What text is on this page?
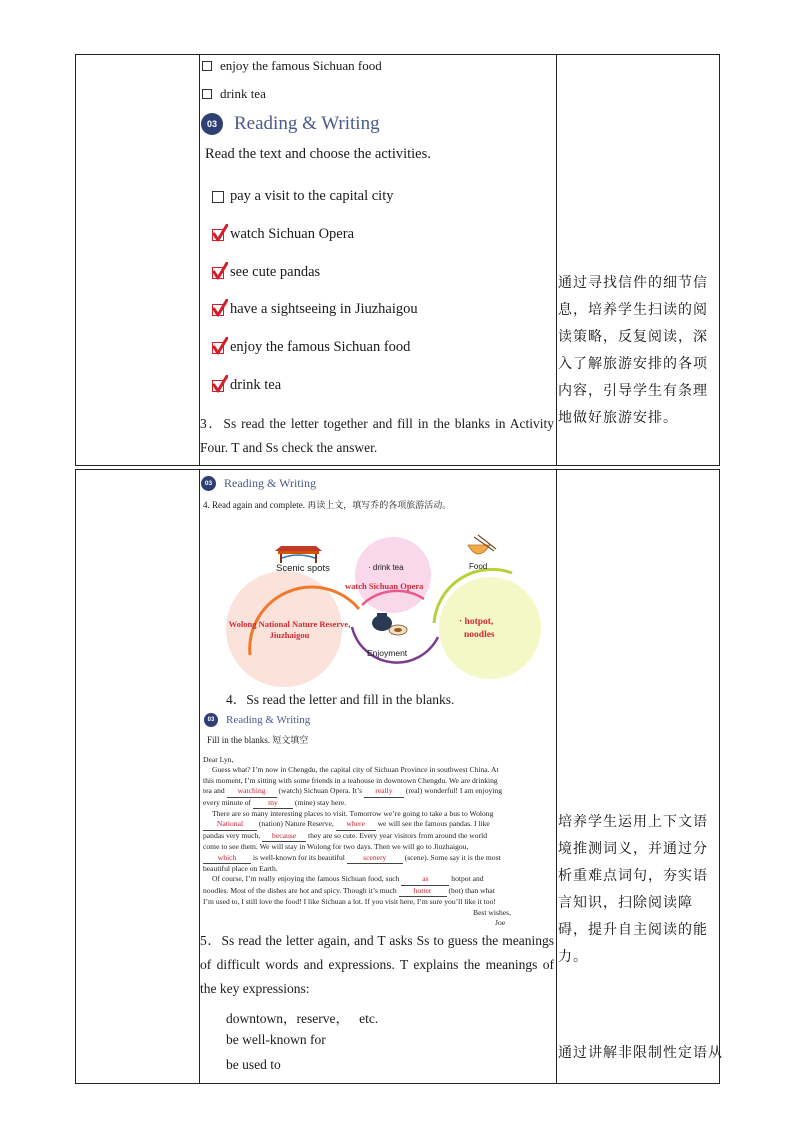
enjoy the famous Sichuan food
drink tea
03 Reading & Writing
Read the text and choose the activities.
pay a visit to the capital city
watch Sichuan Opera
see cute pandas
have a sightseeing in Jiuzhaigou
enjoy the famous Sichuan food
drink tea
3．Ss read the letter together and fill in the blanks in Activity Four. T and Ss check the answer.
通过寻找信件的细节信息，培养学生扫读的阅读策略，反复阅读，深入了解旅游安排的各项内容，引导学生有条理地做好旅游安排。
03 Reading & Writing
4. Read again and complete. 再读上文，填写乔的各项旅游活动。
Scenic spots
Wolong National Nature Reserve, Jiuzhaigou
· drink tea
watch Sichuan Opera
Enjoyment
Food
· hotpot,
noodles
4．Ss read the letter and fill in the blanks.
03	Reading & Writing
Fill in the blanks. 短文填空
Dear Lyn,
Guess what? I’m now in Chengdu, the capital city of Sichuan Province in southwest China. At
this moment, I’m sitting with some friends in a teahouse in downtown Chengdu. We are drinking
tea and watching (watch) Sichuan Opera. It’s really (real) wonderful! I am enjoying
every minute of my (mine) stay here.
There are so many interesting places to visit. Tomorrow we’re going to take a bus to Wolong
National (nation) Nature Reserve, where we will see the famous pandas. I like
pandas very much, because they are so cute. Every year visitors from around the world
come to see them. We will stay in Wolong for two days. Then we will go to Jiuzhaigou,
which is well-known for its beautiful scenery (scene). Some say it is the most
beautiful place on Earth.
Of course, I’m really enjoying the famous Sichuan food, such	as	hotpot and
noodles. Most of the dishes are hot and spicy. Though it’s much hotter (hot) than what
I’m used to, I still love the food! I like Sichuan a lot. If you visit here, I’m sure you’ll like it too!
Best wishes,
Joe
5．Ss read the letter again, and T asks Ss to guess the meanings of difficult words and expressions. T explains the meanings of the key expressions:
downtown，reserve，   etc.
be well-known for
be used to
培养学生运用上下文语境推测词义，并通过分析重难点词句，夯实语言知识，扫除阅读障碍，提升自主阅读的能力。
通过讲解非限制性定语从
